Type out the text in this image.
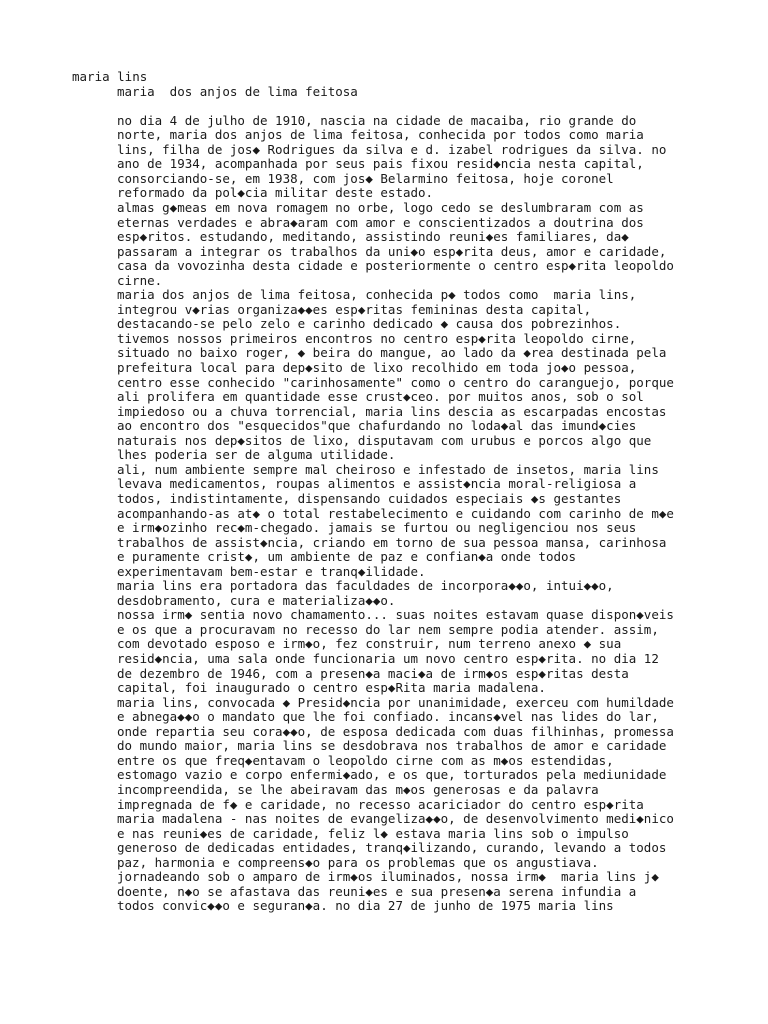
maria lins
maria  dos anjos de lima feitosa
no dia 4 de julho de 1910, nascia na cidade de macaiba, rio grande do
norte, maria dos anjos de lima feitosa, conhecida por todos como maria
lins, filha de jos◆ Rodrigues da silva e d. izabel rodrigues da silva. no
ano de 1934, acompanhada por seus pais fixou resid◆ncia nesta capital,
consorciando-se, em 1938, com jos◆ Belarmino feitosa, hoje coronel
reformado da pol◆cia militar deste estado.
almas g◆meas em nova romagem no orbe, logo cedo se deslumbraram com as
eternas verdades e abra◆aram com amor e conscientizados a doutrina dos
esp◆ritos. estudando, meditando, assistindo reuni◆es familiares, da◆
passaram a integrar os trabalhos da uni◆o esp◆rita deus, amor e caridade,
casa da vovozinha desta cidade e posteriormente o centro esp◆rita leopoldo
cirne.
maria dos anjos de lima feitosa, conhecida p◆ todos como  maria lins,
integrou v◆rias organiza◆◆es esp◆ritas femininas desta capital,
destacando-se pelo zelo e carinho dedicado ◆ causa dos pobrezinhos.
tivemos nossos primeiros encontros no centro esp◆rita leopoldo cirne,
situado no baixo roger, ◆ beira do mangue, ao lado da ◆rea destinada pela
prefeitura local para dep◆sito de lixo recolhido em toda jo◆o pessoa,
centro esse conhecido "carinhosamente" como o centro do caranguejo, porque
ali prolifera em quantidade esse crust◆ceo. por muitos anos, sob o sol
impiedoso ou a chuva torrencial, maria lins descia as escarpadas encostas
ao encontro dos "esquecidos"que chafurdando no loda◆al das imund◆cies
naturais nos dep◆sitos de lixo, disputavam com urubus e porcos algo que
lhes poderia ser de alguma utilidade.
ali, num ambiente sempre mal cheiroso e infestado de insetos, maria lins
levava medicamentos, roupas alimentos e assist◆ncia moral-religiosa a
todos, indistintamente, dispensando cuidados especiais ◆s gestantes
acompanhando-as at◆ o total restabelecimento e cuidando com carinho de m◆e
e irm◆ozinho rec◆m-chegado. jamais se furtou ou negligenciou nos seus
trabalhos de assist◆ncia, criando em torno de sua pessoa mansa, carinhosa
e puramente crist◆, um ambiente de paz e confian◆a onde todos
experimentavam bem-estar e tranq◆ilidade.
maria lins era portadora das faculdades de incorpora◆◆o, intui◆◆o,
desdobramento, cura e materializa◆◆o.
nossa irm◆ sentia novo chamamento... suas noites estavam quase dispon◆veis
e os que a procuravam no recesso do lar nem sempre podia atender. assim,
com devotado esposo e irm◆o, fez construir, num terreno anexo ◆ sua
resid◆ncia, uma sala onde funcionaria um novo centro esp◆rita. no dia 12
de dezembro de 1946, com a presen◆a maci◆a de irm◆os esp◆ritas desta
capital, foi inaugurado o centro esp◆Rita maria madalena.
maria lins, convocada ◆ Presid◆ncia por unanimidade, exerceu com humildade
e abnega◆◆o o mandato que lhe foi confiado. incans◆vel nas lides do lar,
onde repartia seu cora◆◆o, de esposa dedicada com duas filhinhas, promessa
do mundo maior, maria lins se desdobrava nos trabalhos de amor e caridade
entre os que freq◆entavam o leopoldo cirne com as m◆os estendidas,
estomago vazio e corpo enfermi◆ado, e os que, torturados pela mediunidade
incompreendida, se lhe abeiravam das m◆os generosas e da palavra
impregnada de f◆ e caridade, no recesso acariciador do centro esp◆rita
maria madalena - nas noites de evangeliza◆◆o, de desenvolvimento medi◆nico
e nas reuni◆es de caridade, feliz l◆ estava maria lins sob o impulso
generoso de dedicadas entidades, tranq◆ilizando, curando, levando a todos
paz, harmonia e compreens◆o para os problemas que os angustiava.
jornadeando sob o amparo de irm◆os iluminados, nossa irm◆  maria lins j◆
doente, n◆o se afastava das reuni◆es e sua presen◆a serena infundia a
todos convic◆◆o e seguran◆a. no dia 27 de junho de 1975 maria lins
